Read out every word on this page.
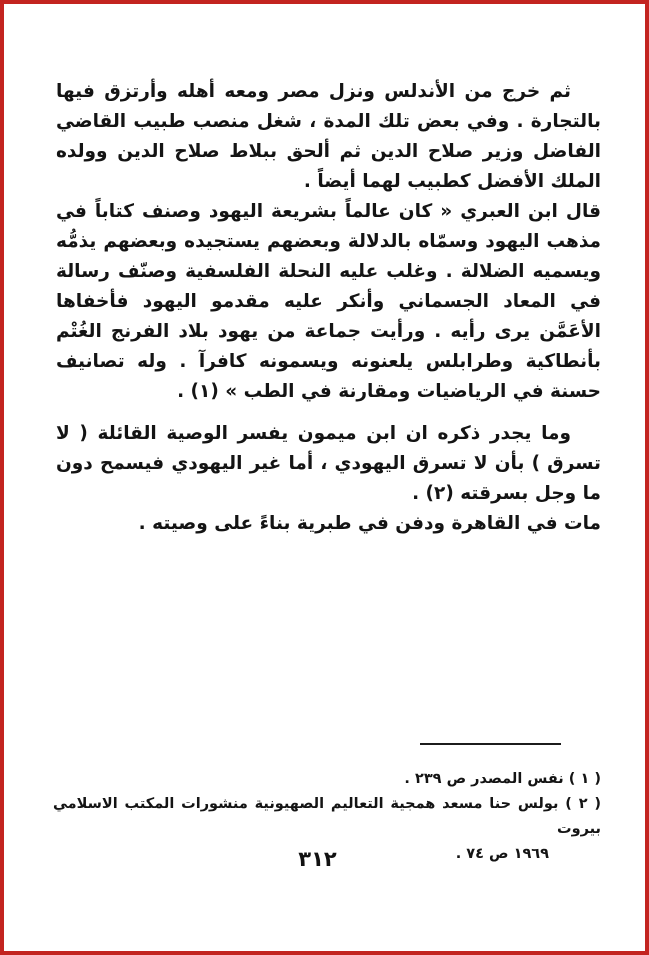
ثم خرج من الأندلس ونزل مصر ومعه أهله وأرتزق فيها بالتجارة . وفي بعض تلك المدة ، شغل منصب طبيب القاضي الفاضل وزير صلاح الدين ثم ألحق ببلاط صلاح الدين وولده الملك الأفضل كطبيب لهما أيضاً .

قال ابن العبري « كان عالماً بشريعة اليهود وصنف كتاباً في مذهب اليهود وسمّاه بالدلالة وبعضهم يستجيده وبعضهم يذمُّه ويسميه الضلالة . وغلب عليه النحلة الفلسفية وصنّف رسالة في المعاد الجسماني وأنكر عليه مقدمو اليهود فأخفاها الأعَمَّن يرى رأيه . ورأيت جماعة من يهود بلاد الفرنج الغُتْم بأنطاكية وطرابلس يلعنونه ويسمونه كافرآ . وله تصانيف حسنة في الرياضيات ومقارنة في الطب » (١) .

وما يجدر ذكره ان ابن ميمون يفسر الوصية القائلة ( لا تسرق ) بأن لا تسرق اليهودي ، أما غير اليهودي فيسمح دون ما وجل بسرقته (٢) .

مات في القاهرة ودفن في طبرية بناءً على وصيته .

( ١ ) نفس المصدر ص ٢٣٩ .
( ٢ ) بولس حنا مسعد همجية التعاليم الصهيونية منشورات المكتب الاسلامي بيروت
١٩٦٩ ص ٧٤ .
٣١٢
